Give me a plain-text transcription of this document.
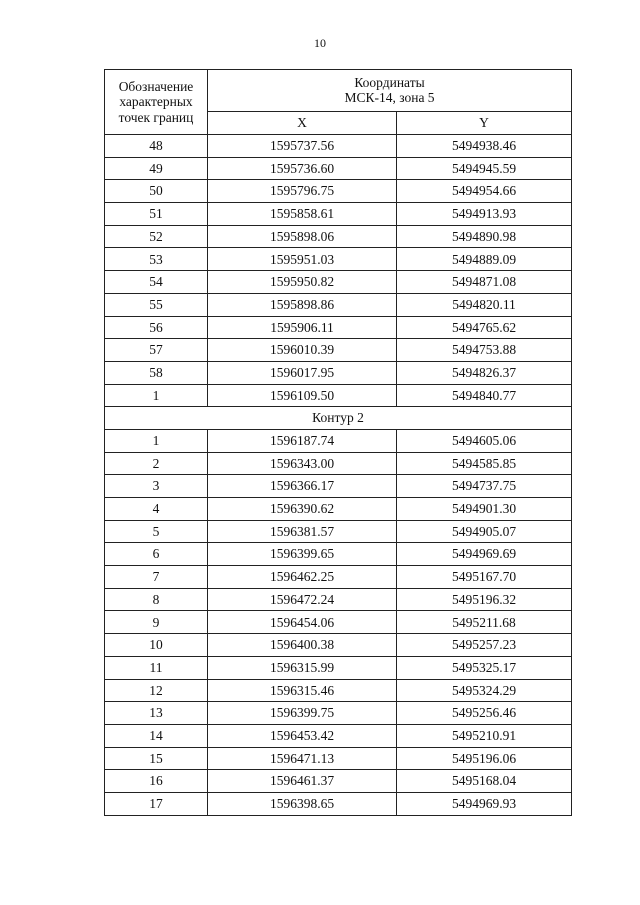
10
Обозначение
характерных
точек границ	Координаты
МСК-14, зона 5	

	X	Y
48	1595737.56	5494938.46
49	1595736.60	5494945.59
50	1595796.75	5494954.66
51	1595858.61	5494913.93
52	1595898.06	5494890.98
53	1595951.03	5494889.09
54	1595950.82	5494871.08
55	1595898.86	5494820.11
56	1595906.11	5494765.62
57	1596010.39	5494753.88
58	1596017.95	5494826.37
1	1596109.50	5494840.77
Контур 2		
1	1596187.74	5494605.06
2	1596343.00	5494585.85
3	1596366.17	5494737.75
4	1596390.62	5494901.30
5	1596381.57	5494905.07
6	1596399.65	5494969.69
7	1596462.25	5495167.70
8	1596472.24	5495196.32
9	1596454.06	5495211.68
10	1596400.38	5495257.23
11	1596315.99	5495325.17
12	1596315.46	5495324.29
13	1596399.75	5495256.46
14	1596453.42	5495210.91
15	1596471.13	5495196.06
16	1596461.37	5495168.04
17	1596398.65	5494969.93
